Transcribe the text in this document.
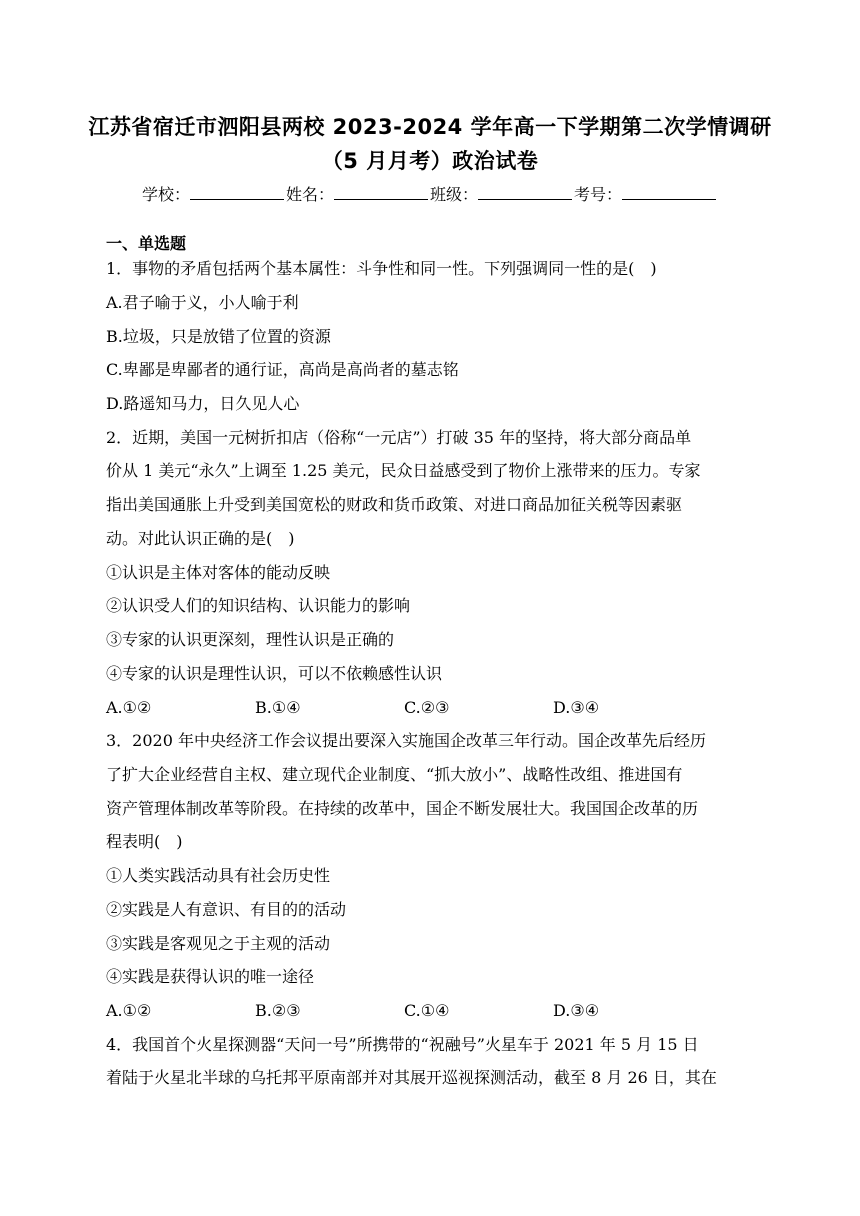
江苏省宿迁市泗阳县两校 2023-2024 学年高一下学期第二次学情调研
（5 月月考）政治试卷
学校：	姓名：	班级：	考号：
一、单选题
1．事物的矛盾包括两个基本属性：斗争性和同一性。下列强调同一性的是(　)
A.君子喻于义，小人喻于利
B.垃圾，只是放错了位置的资源
C.卑鄙是卑鄙者的通行证，高尚是高尚者的墓志铭
D.路遥知马力，日久见人心
2．近期，美国一元树折扣店（俗称“一元店”）打破 35 年的坚持，将大部分商品单
价从 1 美元“永久”上调至 1.25 美元，民众日益感受到了物价上涨带来的压力。专家
指出美国通胀上升受到美国宽松的财政和货币政策、对进口商品加征关税等因素驱
动。对此认识正确的是(　)
①认识是主体对客体的能动反映
②认识受人们的知识结构、认识能力的影响
③专家的认识更深刻，理性认识是正确的
④专家的认识是理性认识，可以不依赖感性认识
A.①②	B.①④	C.②③	D.③④
3．2020 年中央经济工作会议提出要深入实施国企改革三年行动。国企改革先后经历
了扩大企业经营自主权、建立现代企业制度、“抓大放小”、战略性改组、推进国有
资产管理体制改革等阶段。在持续的改革中，国企不断发展壮大。我国国企改革的历
程表明(　)
①人类实践活动具有社会历史性
②实践是人有意识、有目的的活动
③实践是客观见之于主观的活动
④实践是获得认识的唯一途径
A.①②	B.②③	C.①④	D.③④
4．我国首个火星探测器“天问一号”所携带的“祝融号”火星车于 2021 年 5 月 15 日
着陆于火星北半球的乌托邦平原南部并对其展开巡视探测活动，截至 8 月 26 日，其在
